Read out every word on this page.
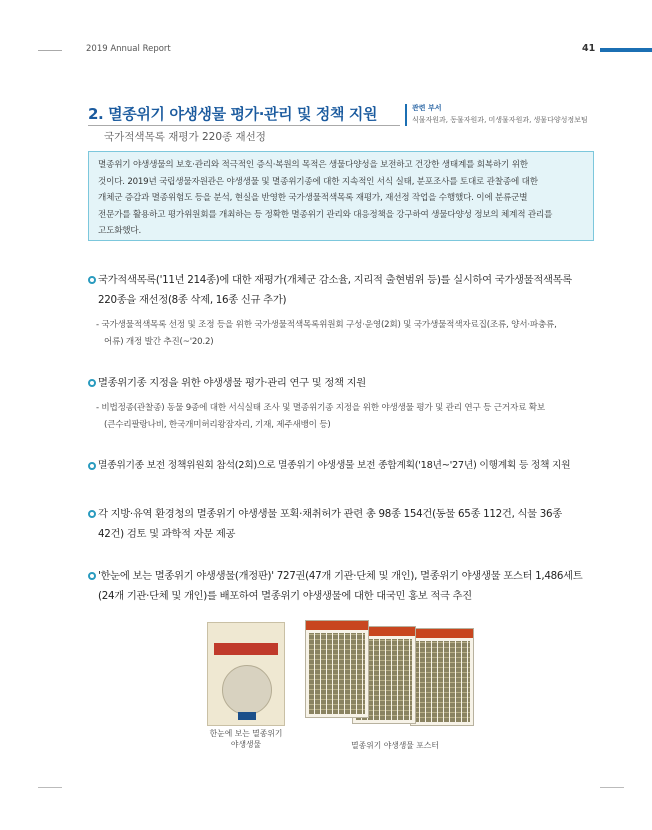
2019 Annual Report	41
2. 멸종위기 야생생물 평가·관리 및 정책 지원
국가적색목록 재평가 220종 재선정
관련 부서
식물자원과, 동물자원과, 미생물자원과, 생물다양성정보팀
멸종위기 야생생물의 보호·관리와 적극적인 증식·복원의 목적은 생물다양성을 보전하고 건강한 생태계를 회복하기 위한
것이다. 2019년 국립생물자원관은 야생생물 및 멸종위기종에 대한 지속적인 서식 실태, 분포조사를 토대로 관찰종에 대한
개체군 증감과 멸종위험도 등을 분석, 현실을 반영한 국가생물적색목록 재평가, 재선정 작업을 수행했다. 이에 분류군별
전문가를 활용하고 평가위원회를 개최하는 등 정확한 멸종위기 관리와 대응정책을 강구하여 생물다양성 정보의 체계적 관리를
고도화했다.
국가적색목록('11년 214종)에 대한 재평가(개체군 감소율, 지리적 출현범위 등)를 실시하여 국가생물적색목록
220종을 재선정(8종 삭제, 16종 신규 추가)
- 국가생물적색목록 선정 및 조정 등을 위한 국가생물적색목록위원회 구성·운영(2회) 및 국가생물적색자료집(조류, 양서·파충류,
어류) 개정 발간 추진(~'20.2)
멸종위기종 지정을 위한 야생생물 평가·관리 연구 및 정책 지원
- 비법정종(관찰종) 동물 9종에 대한 서식실태 조사 및 멸종위기종 지정을 위한 야생생물 평가 및 관리 연구 등 근거자료 확보
(큰수리팔랑나비, 한국개미허리왕잠자리, 기재, 제주새뱅이 등)
멸종위기종 보전 정책위원회 참석(2회)으로 멸종위기 야생생물 보전 종합계획('18년~'27년) 이행계획 등 정책 지원
각 지방·유역 환경청의 멸종위기 야생생물 포획·채취허가 관련 총 98종 154건(동물 65종 112건, 식물 36종
42건) 검토 및 과학적 자문 제공
'한눈에 보는 멸종위기 야생생물(개정판)' 727권(47개 기관·단체 및 개인), 멸종위기 야생생물 포스터 1,486세트
(24개 기관·단체 및 개인)를 배포하여 멸종위기 야생생물에 대한 대국민 홍보 적극 추진
한눈에 보는 멸종위기
야생생물	멸종위기 야생생물 포스터
